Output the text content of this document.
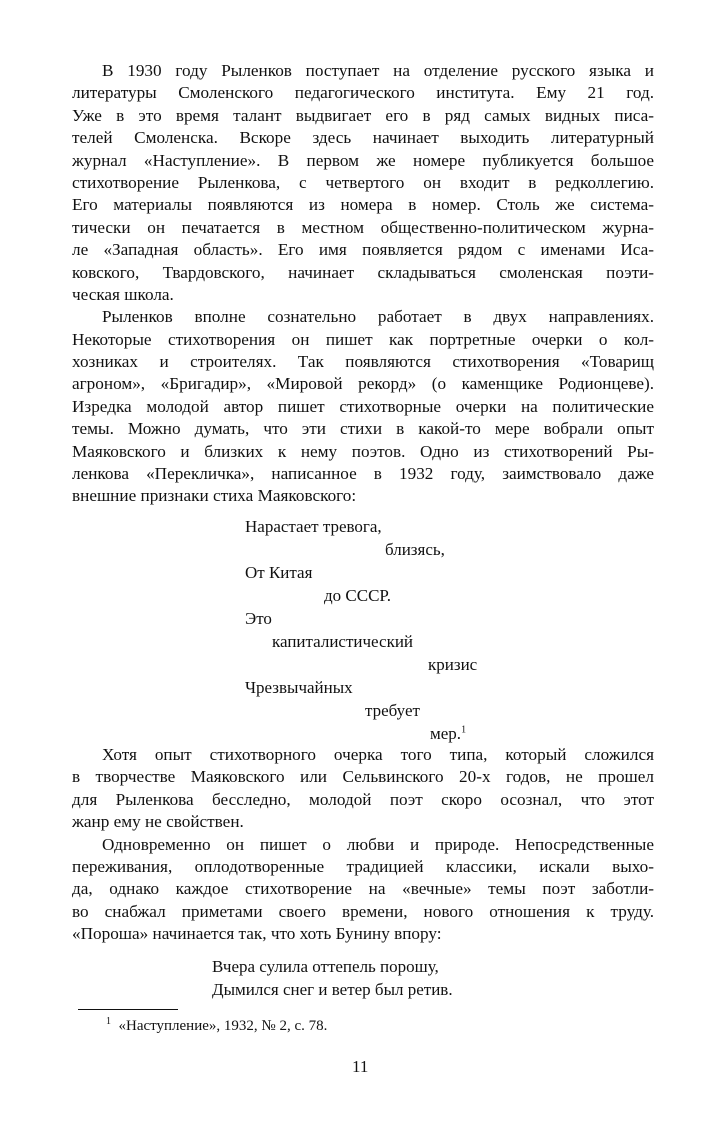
В 1930 году Рыленков поступает на отделение русского языка и
литературы Смоленского педагогического института. Ему 21 год.
Уже в это время талант выдвигает его в ряд самых видных писа-
телей Смоленска. Вскоре здесь начинает выходить литературный
журнал «Наступление». В первом же номере публикуется большое
стихотворение Рыленкова, с четвертого он входит в редколлегию.
Его материалы появляются из номера в номер. Столь же системa-
тически он печатается в местном общественно-политическом журна-
ле «Западная область». Его имя появляется рядом с именами Иса-
ковского, Твардовского, начинает складываться смоленская поэти-
ческая школа.
Рыленков вполне сознательно работает в двух направлениях.
Некоторые стихотворения он пишет как портретные очерки о кол-
хозниках и строителях. Так появляются стихотворения «Товарищ
агроном», «Бригадир», «Мировой рекорд» (о каменщике Родионцеве).
Изредка молодой автор пишет стихотворные очерки на политические
темы. Можно думать, что эти стихи в какой-то мере вобрали опыт
Маяковского и близких к нему поэтов. Одно из стихотворений Ры-
ленкова «Перекличка», написанное в 1932 году, заимствовало даже
внешние признаки стиха Маяковского:
Нарастает тревога,
близясь,
От Китая
до СССР.
Это
капиталистический
кризис
Чрезвычайных
требует
мер.$^1$
Хотя опыт стихотворного очерка того типа, который сложился
в творчестве Маяковского или Сельвинского 20-х годов, не прошел
для Рыленкова бесследно, молодой поэт скоро осознал, что этот
жанр ему не свойствен.
Одновременно он пишет о любви и природе. Непосредственные
переживания, оплодотворенные традицией классики, искали выхо-
да, однако каждое стихотворение на «вечные» темы поэт заботли-
во снабжал приметами своего времени, нового отношения к труду.
«Пороша» начинается так, что хоть Бунину впору:
Вчера сулила оттепель порошу,
Дымился снег и ветер был ретив.
$^1$ «Наступление», 1932, № 2, с. 78.
11
